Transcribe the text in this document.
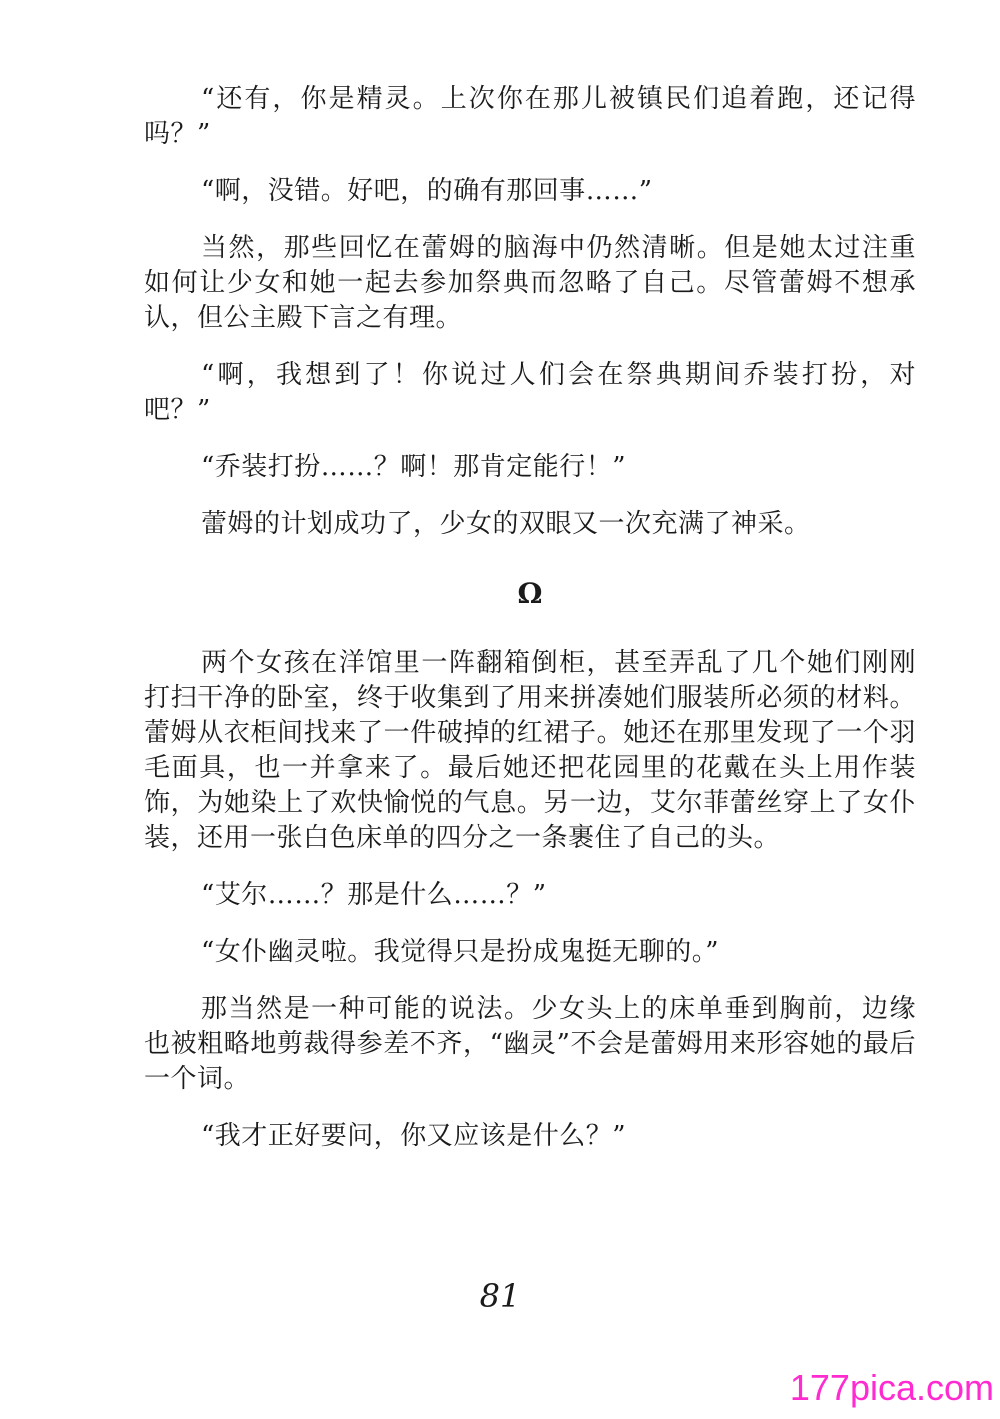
“还有，你是精灵。上次你在那儿被镇民们追着跑，还记得吗？”

“啊，没错。好吧，的确有那回事……”

当然，那些回忆在蕾姆的脑海中仍然清晰。但是她太过注重如何让少女和她一起去参加祭典而忽略了自己。尽管蕾姆不想承认，但公主殿下言之有理。

“啊，我想到了！你说过人们会在祭典期间乔装打扮，对吧？”

“乔装打扮……？啊！那肯定能行！”

蕾姆的计划成功了，少女的双眼又一次充满了神采。

Ω

两个女孩在洋馆里一阵翻箱倒柜，甚至弄乱了几个她们刚刚打扫干净的卧室，终于收集到了用来拼凑她们服装所必须的材料。蕾姆从衣柜间找来了一件破掉的红裙子。她还在那里发现了一个羽毛面具，也一并拿来了。最后她还把花园里的花戴在头上用作装饰，为她染上了欢快愉悦的气息。另一边，艾尔菲蕾丝穿上了女仆装，还用一张白色床单的四分之一条裹住了自己的头。

“艾尔……？那是什么……？”

“女仆幽灵啦。我觉得只是扮成鬼挺无聊的。”

那当然是一种可能的说法。少女头上的床单垂到胸前，边缘也被粗略地剪裁得参差不齐，“幽灵”不会是蕾姆用来形容她的最后一个词。

“我才正好要问，你又应该是什么？”

81
177pica.com
